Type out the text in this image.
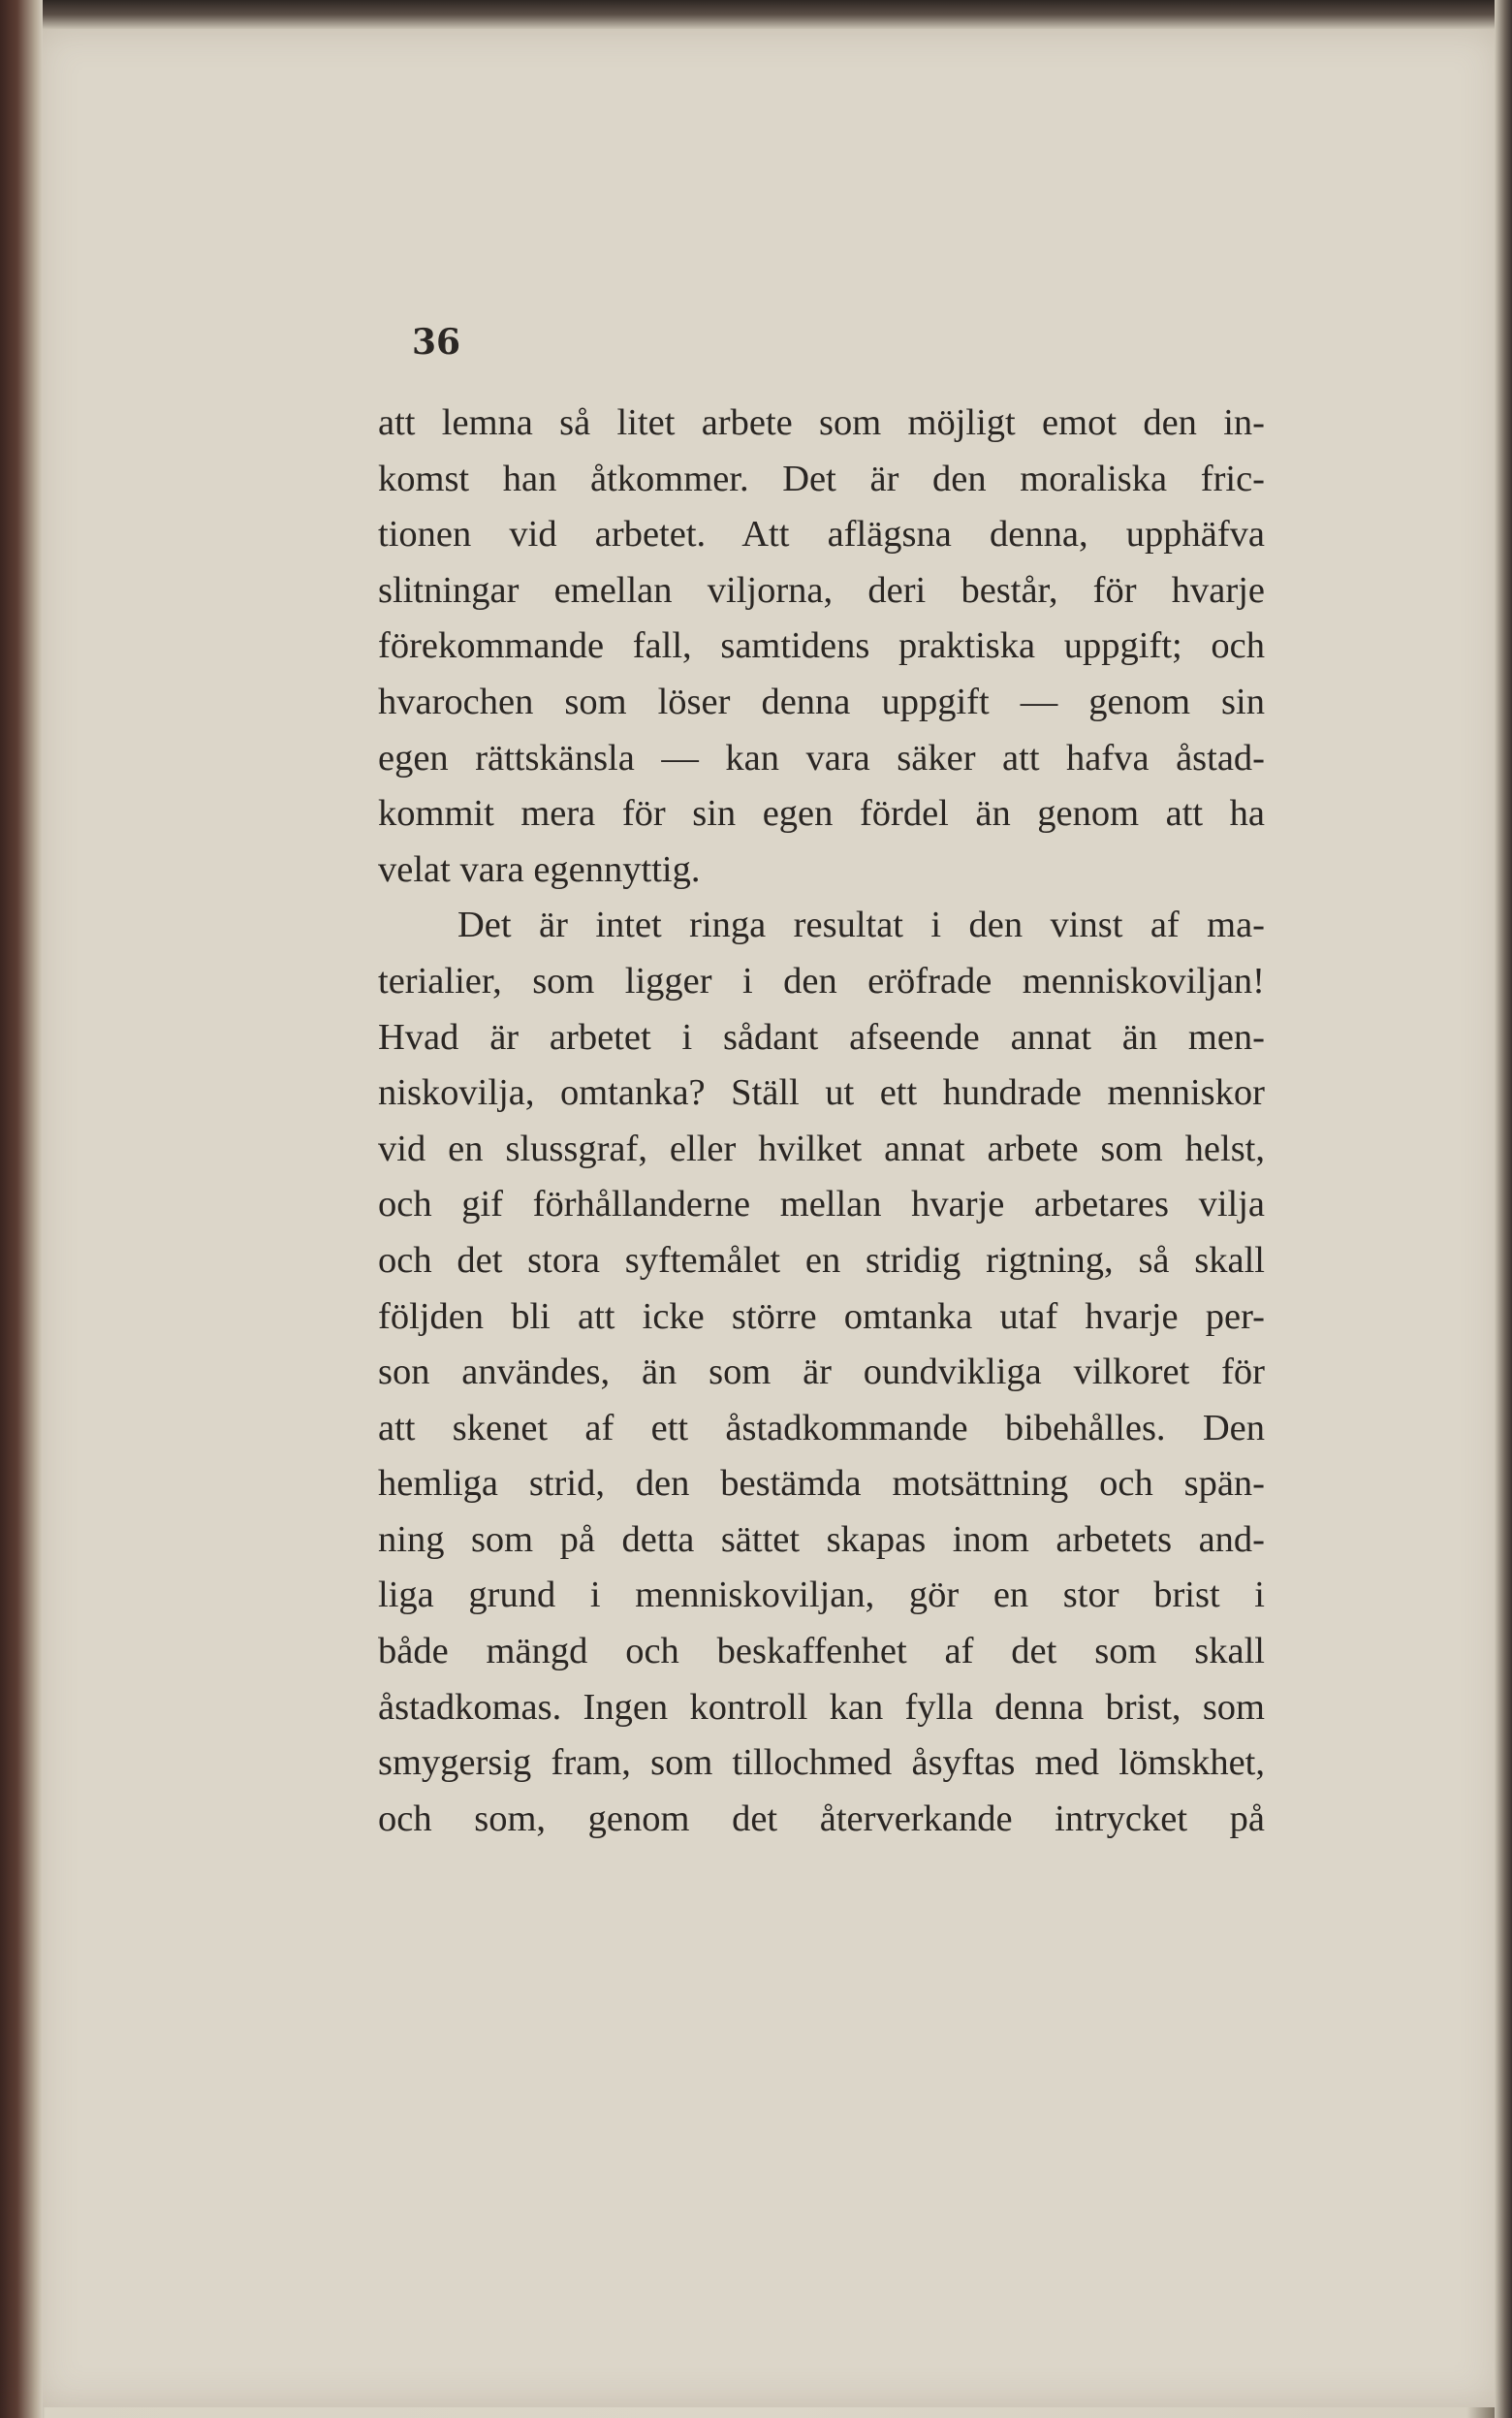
36
att lemna så litet arbete som möjligt emot den in-
komst han åtkommer. Det är den moraliska fric-
tionen vid arbetet. Att aflägsna denna, upphäfva
slitningar emellan viljorna, deri består, för hvarje
förekommande fall, samtidens praktiska uppgift; och
hvarochen som löser denna uppgift — genom sin
egen rättskänsla — kan vara säker att hafva åstad-
kommit mera för sin egen fördel än genom att ha
velat vara egennyttig.
Det är intet ringa resultat i den vinst af ma-
terialier, som ligger i den eröfrade menniskoviljan!
Hvad är arbetet i sådant afseende annat än men-
niskovilja, omtanka? Ställ ut ett hundrade menniskor
vid en slussgraf, eller hvilket annat arbete som helst,
och gif förhållanderne mellan hvarje arbetares vilja
och det stora syftemålet en stridig rigtning, så skall
följden bli att icke större omtanka utaf hvarje per-
son användes, än som är oundvikliga vilkoret för
att skenet af ett åstadkommande bibehålles. Den
hemliga strid, den bestämda motsättning och spän-
ning som på detta sättet skapas inom arbetets and-
liga grund i menniskoviljan, gör en stor brist i
både mängd och beskaffenhet af det som skall
åstadkomas. Ingen kontroll kan fylla denna brist, som
smygersig fram, som tillochmed åsyftas med lömskhet,
och som, genom det återverkande intrycket på
